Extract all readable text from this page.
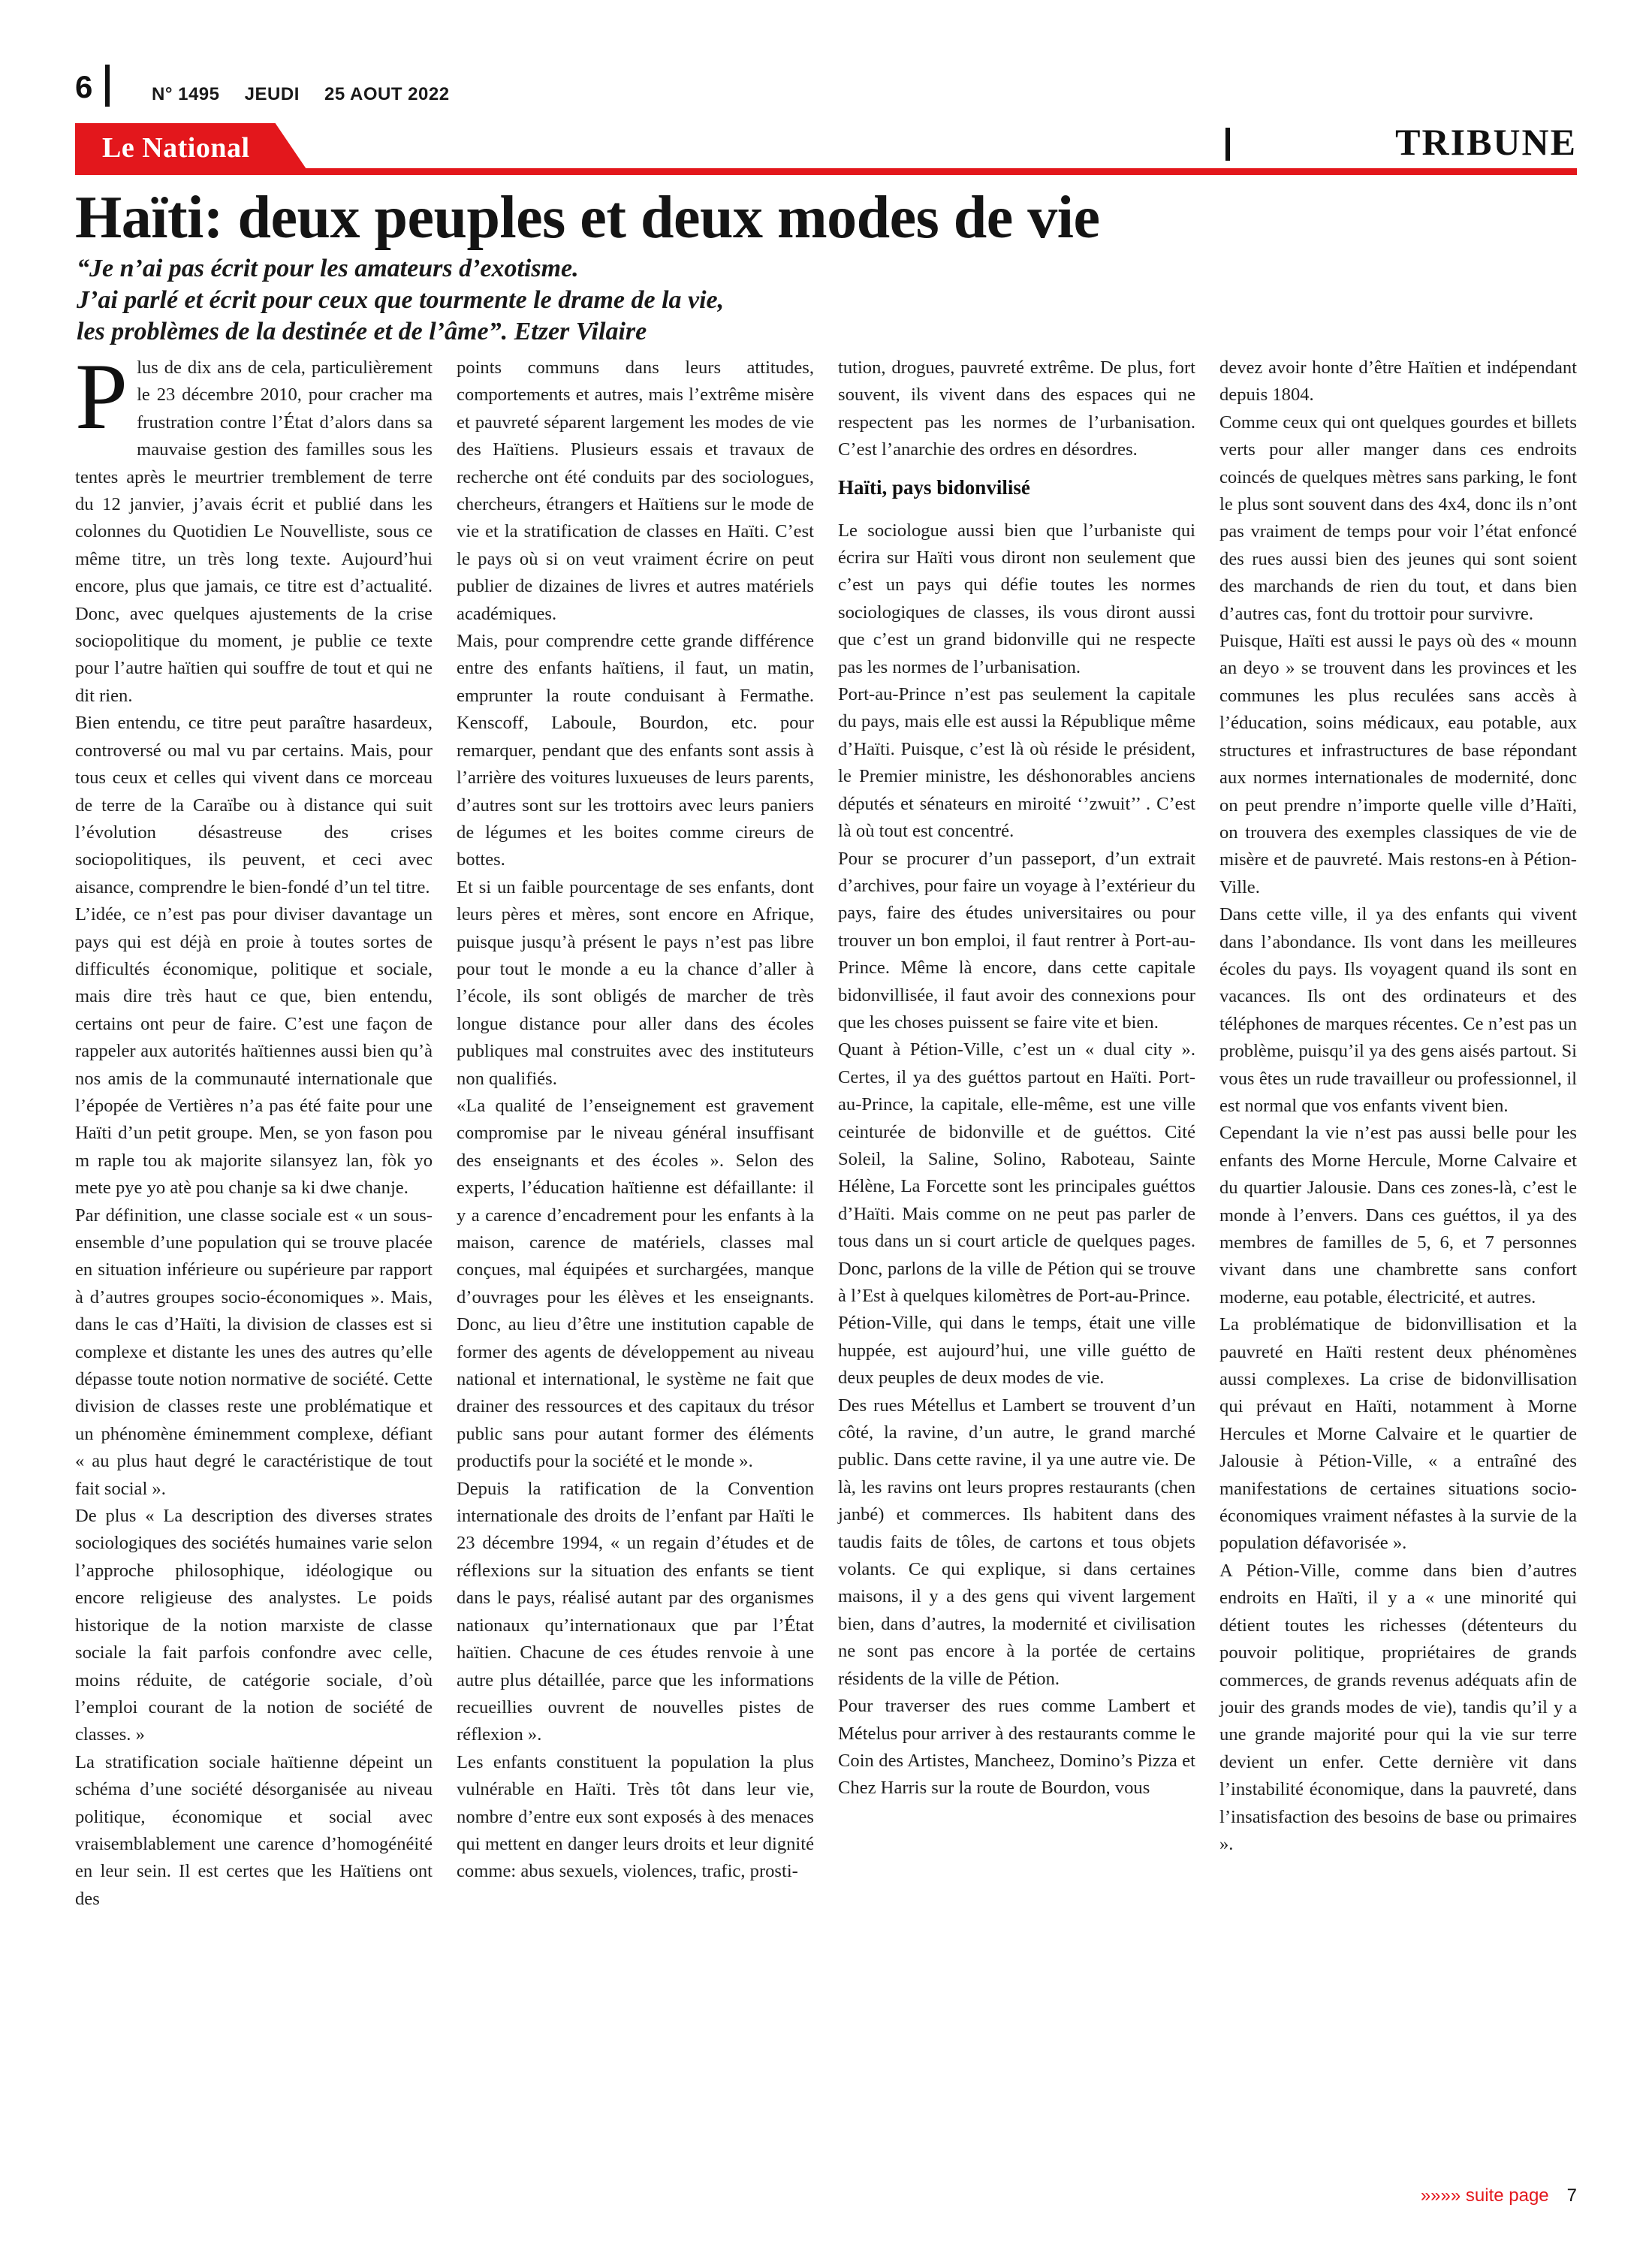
6	N° 1495 JEUDI 25 AOUT 2022
Le National	TRIBUNE
Haïti: deux peuples et deux modes de vie
“Je n’ai pas écrit pour les amateurs d’exotisme.
J’ai parlé et écrit pour ceux que tourmente le drame de la vie,
les problèmes de la destinée et de l’âme”. Etzer Vilaire

Plus de dix ans de cela, particulièrement le 23 décembre 2010, pour cracher ma frustration contre l’État d’alors dans sa mauvaise gestion des familles sous les tentes après le meurtrier tremblement de terre du 12 janvier, j’avais écrit et publié dans les colonnes du Quotidien Le Nouvelliste, sous ce même titre, un très long texte. Aujourd’hui encore, plus que jamais, ce titre est d’actualité. Donc, avec quelques ajustements de la crise sociopolitique du moment, je publie ce texte pour l’autre haïtien qui souffre de tout et qui ne dit rien.

Bien entendu, ce titre peut paraître hasardeux, controversé ou mal vu par certains. Mais, pour tous ceux et celles qui vivent dans ce morceau de terre de la Caraïbe ou à distance qui suit l’évolution désastreuse des crises sociopolitiques, ils peuvent, et ceci avec aisance, comprendre le bien-fondé d’un tel titre.

L’idée, ce n’est pas pour diviser davantage un pays qui est déjà en proie à toutes sortes de difficultés économique, politique et sociale, mais dire très haut ce que, bien entendu, certains ont peur de faire. C’est une façon de rappeler aux autorités haïtiennes aussi bien qu’à nos amis de la communauté internationale que l’épopée de Vertières n’a pas été faite pour une Haïti d’un petit groupe. Men, se yon fason pou m raple tou ak majorite silansyez lan, fòk yo mete pye yo atè pou chanje sa ki dwe chanje.

Par définition, une classe sociale est « un sous-ensemble d’une population qui se trouve placée en situation inférieure ou supérieure par rapport à d’autres groupes socio-économiques ». Mais, dans le cas d’Haïti, la division de classes est si complexe et distante les unes des autres qu’elle dépasse toute notion normative de société. Cette division de classes reste une problématique et un phénomène éminemment complexe, défiant « au plus haut degré le caractéristique de tout fait social ».

De plus « La description des diverses strates sociologiques des sociétés humaines varie selon l’approche philosophique, idéologique ou encore religieuse des analystes. Le poids historique de la notion marxiste de classe sociale la fait parfois confondre avec celle, moins réduite, de catégorie sociale, d’où l’emploi courant de la notion de société de classes. »

La stratification sociale haïtienne dépeint un schéma d’une société désorganisée au niveau politique, économique et social avec vraisemblablement une carence d’homogénéité en leur sein. Il est certes que les Haïtiens ont des

points communs dans leurs attitudes, comportements et autres, mais l’extrême misère et pauvreté séparent largement les modes de vie des Haïtiens. Plusieurs essais et travaux de recherche ont été conduits par des sociologues, chercheurs, étrangers et Haïtiens sur le mode de vie et la stratification de classes en Haïti. C’est le pays où si on veut vraiment écrire on peut publier de dizaines de livres et autres matériels académiques.

Mais, pour comprendre cette grande différence entre des enfants haïtiens, il faut, un matin, emprunter la route conduisant à Fermathe. Kenscoff, Laboule, Bourdon, etc. pour remarquer, pendant que des enfants sont assis à l’arrière des voitures luxueuses de leurs parents, d’autres sont sur les trottoirs avec leurs paniers de légumes et les boites comme cireurs de bottes.

Et si un faible pourcentage de ses enfants, dont leurs pères et mères, sont encore en Afrique, puisque jusqu’à présent le pays n’est pas libre pour tout le monde a eu la chance d’aller à l’école, ils sont obligés de marcher de très longue distance pour aller dans des écoles publiques mal construites avec des instituteurs non qualifiés.

«La qualité de l’enseignement est gravement compromise par le niveau général insuffisant des enseignants et des écoles ». Selon des experts, l’éducation haïtienne est défaillante: il y a carence d’encadrement pour les enfants à la maison, carence de matériels, classes mal conçues, mal équipées et surchargées, manque d’ouvrages pour les élèves et les enseignants. Donc, au lieu d’être une institution capable de former des agents de développement au niveau national et international, le système ne fait que drainer des ressources et des capitaux du trésor public sans pour autant former des éléments productifs pour la société et le monde ».

Depuis la ratification de la Convention internationale des droits de l’enfant par Haïti le 23 décembre 1994, « un regain d’études et de réflexions sur la situation des enfants se tient dans le pays, réalisé autant par des organismes nationaux qu’internationaux que par l’État haïtien. Chacune de ces études renvoie à une autre plus détaillée, parce que les informations recueillies ouvrent de nouvelles pistes de réflexion ».

Les enfants constituent la population la plus vulnérable en Haïti. Très tôt dans leur vie, nombre d’entre eux sont exposés à des menaces qui mettent en danger leurs droits et leur dignité comme: abus sexuels, violences, trafic, prosti-

tution, drogues, pauvreté extrême. De plus, fort souvent, ils vivent dans des espaces qui ne respectent pas les normes de l’urbanisation. C’est l’anarchie des ordres en désordres.

Haïti, pays bidonvilisé

Le sociologue aussi bien que l’urbaniste qui écrira sur Haïti vous diront non seulement que c’est un pays qui défie toutes les normes sociologiques de classes, ils vous diront aussi que c’est un grand bidonville qui ne respecte pas les normes de l’urbanisation.

Port-au-Prince n’est pas seulement la capitale du pays, mais elle est aussi la République même d’Haïti. Puisque, c’est là où réside le président, le Premier ministre, les déshonorables anciens députés et sénateurs en miroité ‘’zwuit’’ . C’est là où tout est concentré.

Pour se procurer d’un passeport, d’un extrait d’archives, pour faire un voyage à l’extérieur du pays, faire des études universitaires ou pour trouver un bon emploi, il faut rentrer à Port-au-Prince. Même là encore, dans cette capitale bidonvillisée, il faut avoir des connexions pour que les choses puissent se faire vite et bien.

Quant à Pétion-Ville, c’est un « dual city ». Certes, il ya des guéttos partout en Haïti. Port-au-Prince, la capitale, elle-même, est une ville ceinturée de bidonville et de guéttos. Cité Soleil, la Saline, Solino, Raboteau, Sainte Hélène, La Forcette sont les principales guéttos d’Haïti. Mais comme on ne peut pas parler de tous dans un si court article de quelques pages. Donc, parlons de la ville de Pétion qui se trouve à l’Est à quelques kilomètres de Port-au-Prince.

Pétion-Ville, qui dans le temps, était une ville huppée, est aujourd’hui, une ville guétto de deux peuples de deux modes de vie.

Des rues Métellus et Lambert se trouvent d’un côté, la ravine, d’un autre, le grand marché public. Dans cette ravine, il ya une autre vie. De là, les ravins ont leurs propres restaurants (chen janbé) et commerces. Ils habitent dans des taudis faits de tôles, de cartons et tous objets volants. Ce qui explique, si dans certaines maisons, il y a des gens qui vivent largement bien, dans d’autres, la modernité et civilisation ne sont pas encore à la portée de certains résidents de la ville de Pétion.

Pour traverser des rues comme Lambert et Mételus pour arriver à des restaurants comme le Coin des Artistes, Mancheez, Domino’s Pizza et Chez Harris sur la route de Bourdon, vous

devez avoir honte d’être Haïtien et indépendant depuis 1804.

Comme ceux qui ont quelques gourdes et billets verts pour aller manger dans ces endroits coincés de quelques mètres sans parking, le font le plus sont souvent dans des 4x4, donc ils n’ont pas vraiment de temps pour voir l’état enfoncé des rues aussi bien des jeunes qui sont soient des marchands de rien du tout, et dans bien d’autres cas, font du trottoir pour survivre.

Puisque, Haïti est aussi le pays où des « mounn an deyo » se trouvent dans les provinces et les communes les plus reculées sans accès à l’éducation, soins médicaux, eau potable, aux structures et infrastructures de base répondant aux normes internationales de modernité, donc on peut prendre n’importe quelle ville d’Haïti, on trouvera des exemples classiques de vie de misère et de pauvreté. Mais restons-en à Pétion-Ville.

Dans cette ville, il ya des enfants qui vivent dans l’abondance. Ils vont dans les meilleures écoles du pays. Ils voyagent quand ils sont en vacances. Ils ont des ordinateurs et des téléphones de marques récentes. Ce n’est pas un problème, puisqu’il ya des gens aisés partout. Si vous êtes un rude travailleur ou professionnel, il est normal que vos enfants vivent bien.

Cependant la vie n’est pas aussi belle pour les enfants des Morne Hercule, Morne Calvaire et du quartier Jalousie. Dans ces zones-là, c’est le monde à l’envers. Dans ces guéttos, il ya des membres de familles de 5, 6, et 7 personnes vivant dans une chambrette sans confort moderne, eau potable, électricité, et autres.

La problématique de bidonvillisation et la pauvreté en Haïti restent deux phénomènes aussi complexes. La crise de bidonvillisation qui prévaut en Haïti, notamment à Morne Hercules et Morne Calvaire et le quartier de Jalousie à Pétion-Ville, « a entraîné des manifestations de certaines situations socio-économiques vraiment néfastes à la survie de la population défavorisée ».

A Pétion-Ville, comme dans bien d’autres endroits en Haïti, il y a « une minorité qui détient toutes les richesses (détenteurs du pouvoir politique, propriétaires de grands commerces, de grands revenus adéquats afin de jouir des grands modes de vie), tandis qu’il y a une grande majorité pour qui la vie sur terre devient un enfer. Cette dernière vit dans l’instabilité économique, dans la pauvreté, dans l’insatisfaction des besoins de base ou primaires ».

»»»» suite page 7
